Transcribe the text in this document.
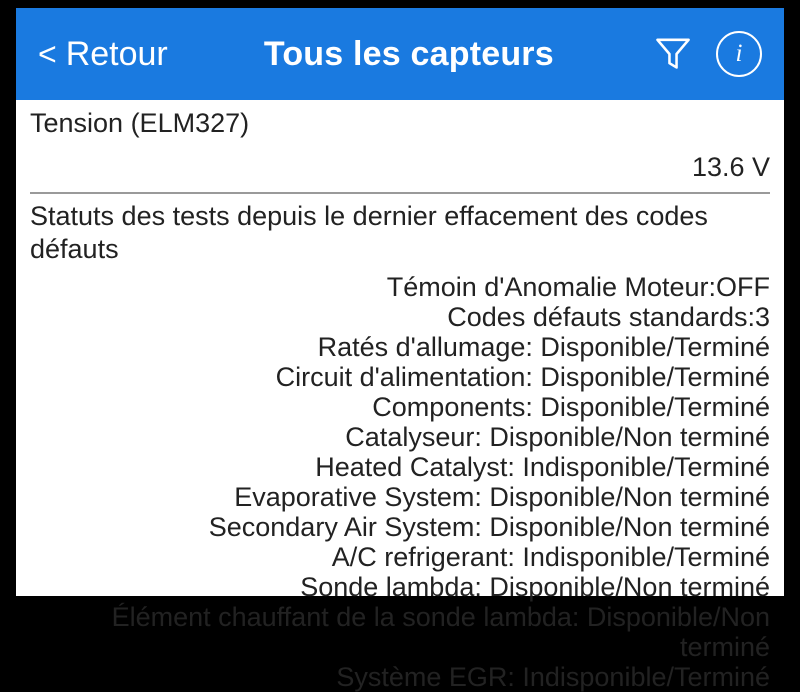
< Retour	Tous les capteurs	i
Tension (ELM327)
13.6 V
Statuts des tests depuis le dernier effacement des codes défauts
Témoin d'Anomalie Moteur:OFF
Codes défauts standards:3
Ratés d'allumage: Disponible/Terminé
Circuit d'alimentation: Disponible/Terminé
Components: Disponible/Terminé
Catalyseur: Disponible/Non terminé
Heated Catalyst: Indisponible/Terminé
Evaporative System: Disponible/Non terminé
Secondary Air System: Disponible/Non terminé
A/C refrigerant: Indisponible/Terminé
Sonde lambda: Disponible/Non terminé
Élément chauffant de la sonde lambda: Disponible/Non terminé
Système EGR: Indisponible/Terminé
